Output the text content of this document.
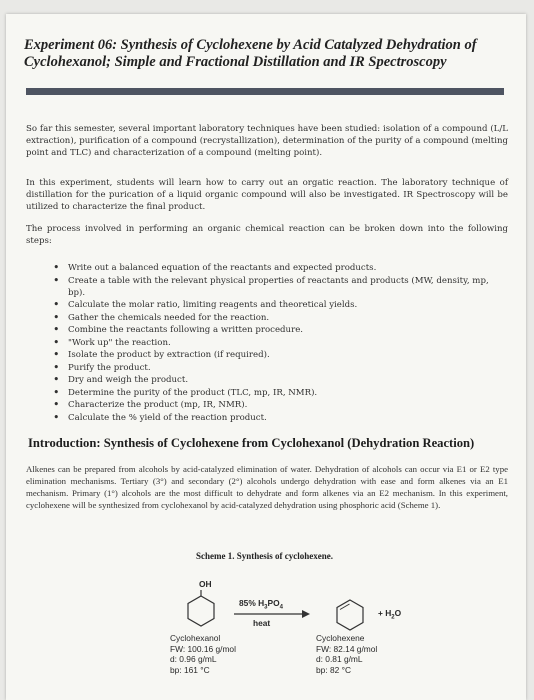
Experiment 06: Synthesis of Cyclohexene by Acid Catalyzed Dehydration of Cyclohexanol; Simple and Fractional Distillation and IR Spectroscopy

So far this semester, several important laboratory techniques have been studied: isolation of a compound (L/L extraction), purification of a compound (recrystallization), determination of the purity of a compound (melting point and TLC) and characterization of a compound (melting point).

In this experiment, students will learn how to carry out an orgatic reaction. The laboratory technique of distillation for the purication of a liquid organic compound will also be investigated. IR Spectroscopy will be utilized to characterize the final product.

The process involved in performing an organic chemical reaction can be broken down into the following steps:

• Write out a balanced equation of the reactants and expected products.
• Create a table with the relevant physical properties of reactants and products (MW, density, mp, bp).
• Calculate the molar ratio, limiting reagents and theoretical yields.
• Gather the chemicals needed for the reaction.
• Combine the reactants following a written procedure.
• "Work up" the reaction.
• Isolate the product by extraction (if required).
• Purify the product.
• Dry and weigh the product.
• Determine the purity of the product (TLC, mp, IR, NMR).
• Characterize the product (mp, IR, NMR).
• Calculate the % yield of the reaction product.
Introduction: Synthesis of Cyclohexene from Cyclohexanol (Dehydration Reaction)

Alkenes can be prepared from alcohols by acid-catalyzed elimination of water. Dehydration of alcohols can occur via E1 or E2 type elimination mechanisms. Tertiary (3°) and secondary (2°) alcohols undergo dehydration with ease and form alkenes via an E1 mechanism. Primary (1°) alcohols are the most difficult to dehydrate and form alkenes via an E2 mechanism. In this experiment, cyclohexene will be synthesized from cyclohexanol by acid-catalyzed dehydration using phosphoric acid (Scheme 1).

Scheme 1. Synthesis of cyclohexene.
OH
85% $H_3PO_4$
heat
+ $H_2O$
Cyclohexanol
FW: 100.16 g/mol
d: 0.96 g/mL
bp: 161 °C
Cyclohexene
FW: 82.14 g/mol
d: 0.81 g/mL
bp: 82 °C
